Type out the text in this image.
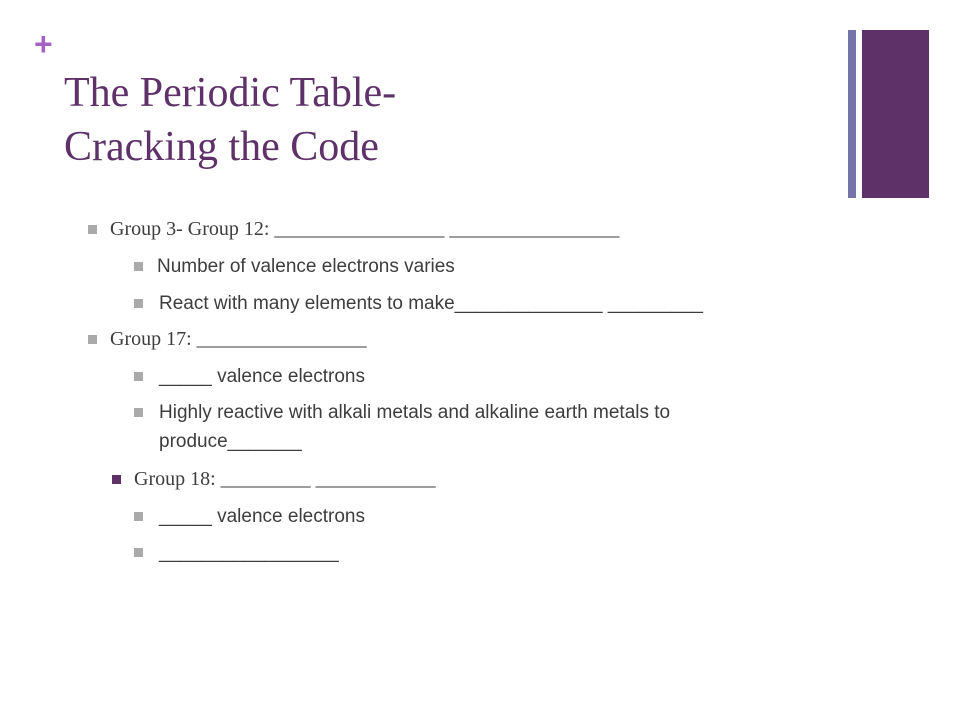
+
The Periodic Table-
Cracking the Code
Group 3- Group 12: _________________ _________________
Number of valence electrons varies
React with many elements to make______________ _________
Group 17: _________________
_____ valence electrons
Highly reactive with alkali metals and alkaline earth metals to
produce_______
Group 18: _________ ____________
_____ valence electrons
_________________
